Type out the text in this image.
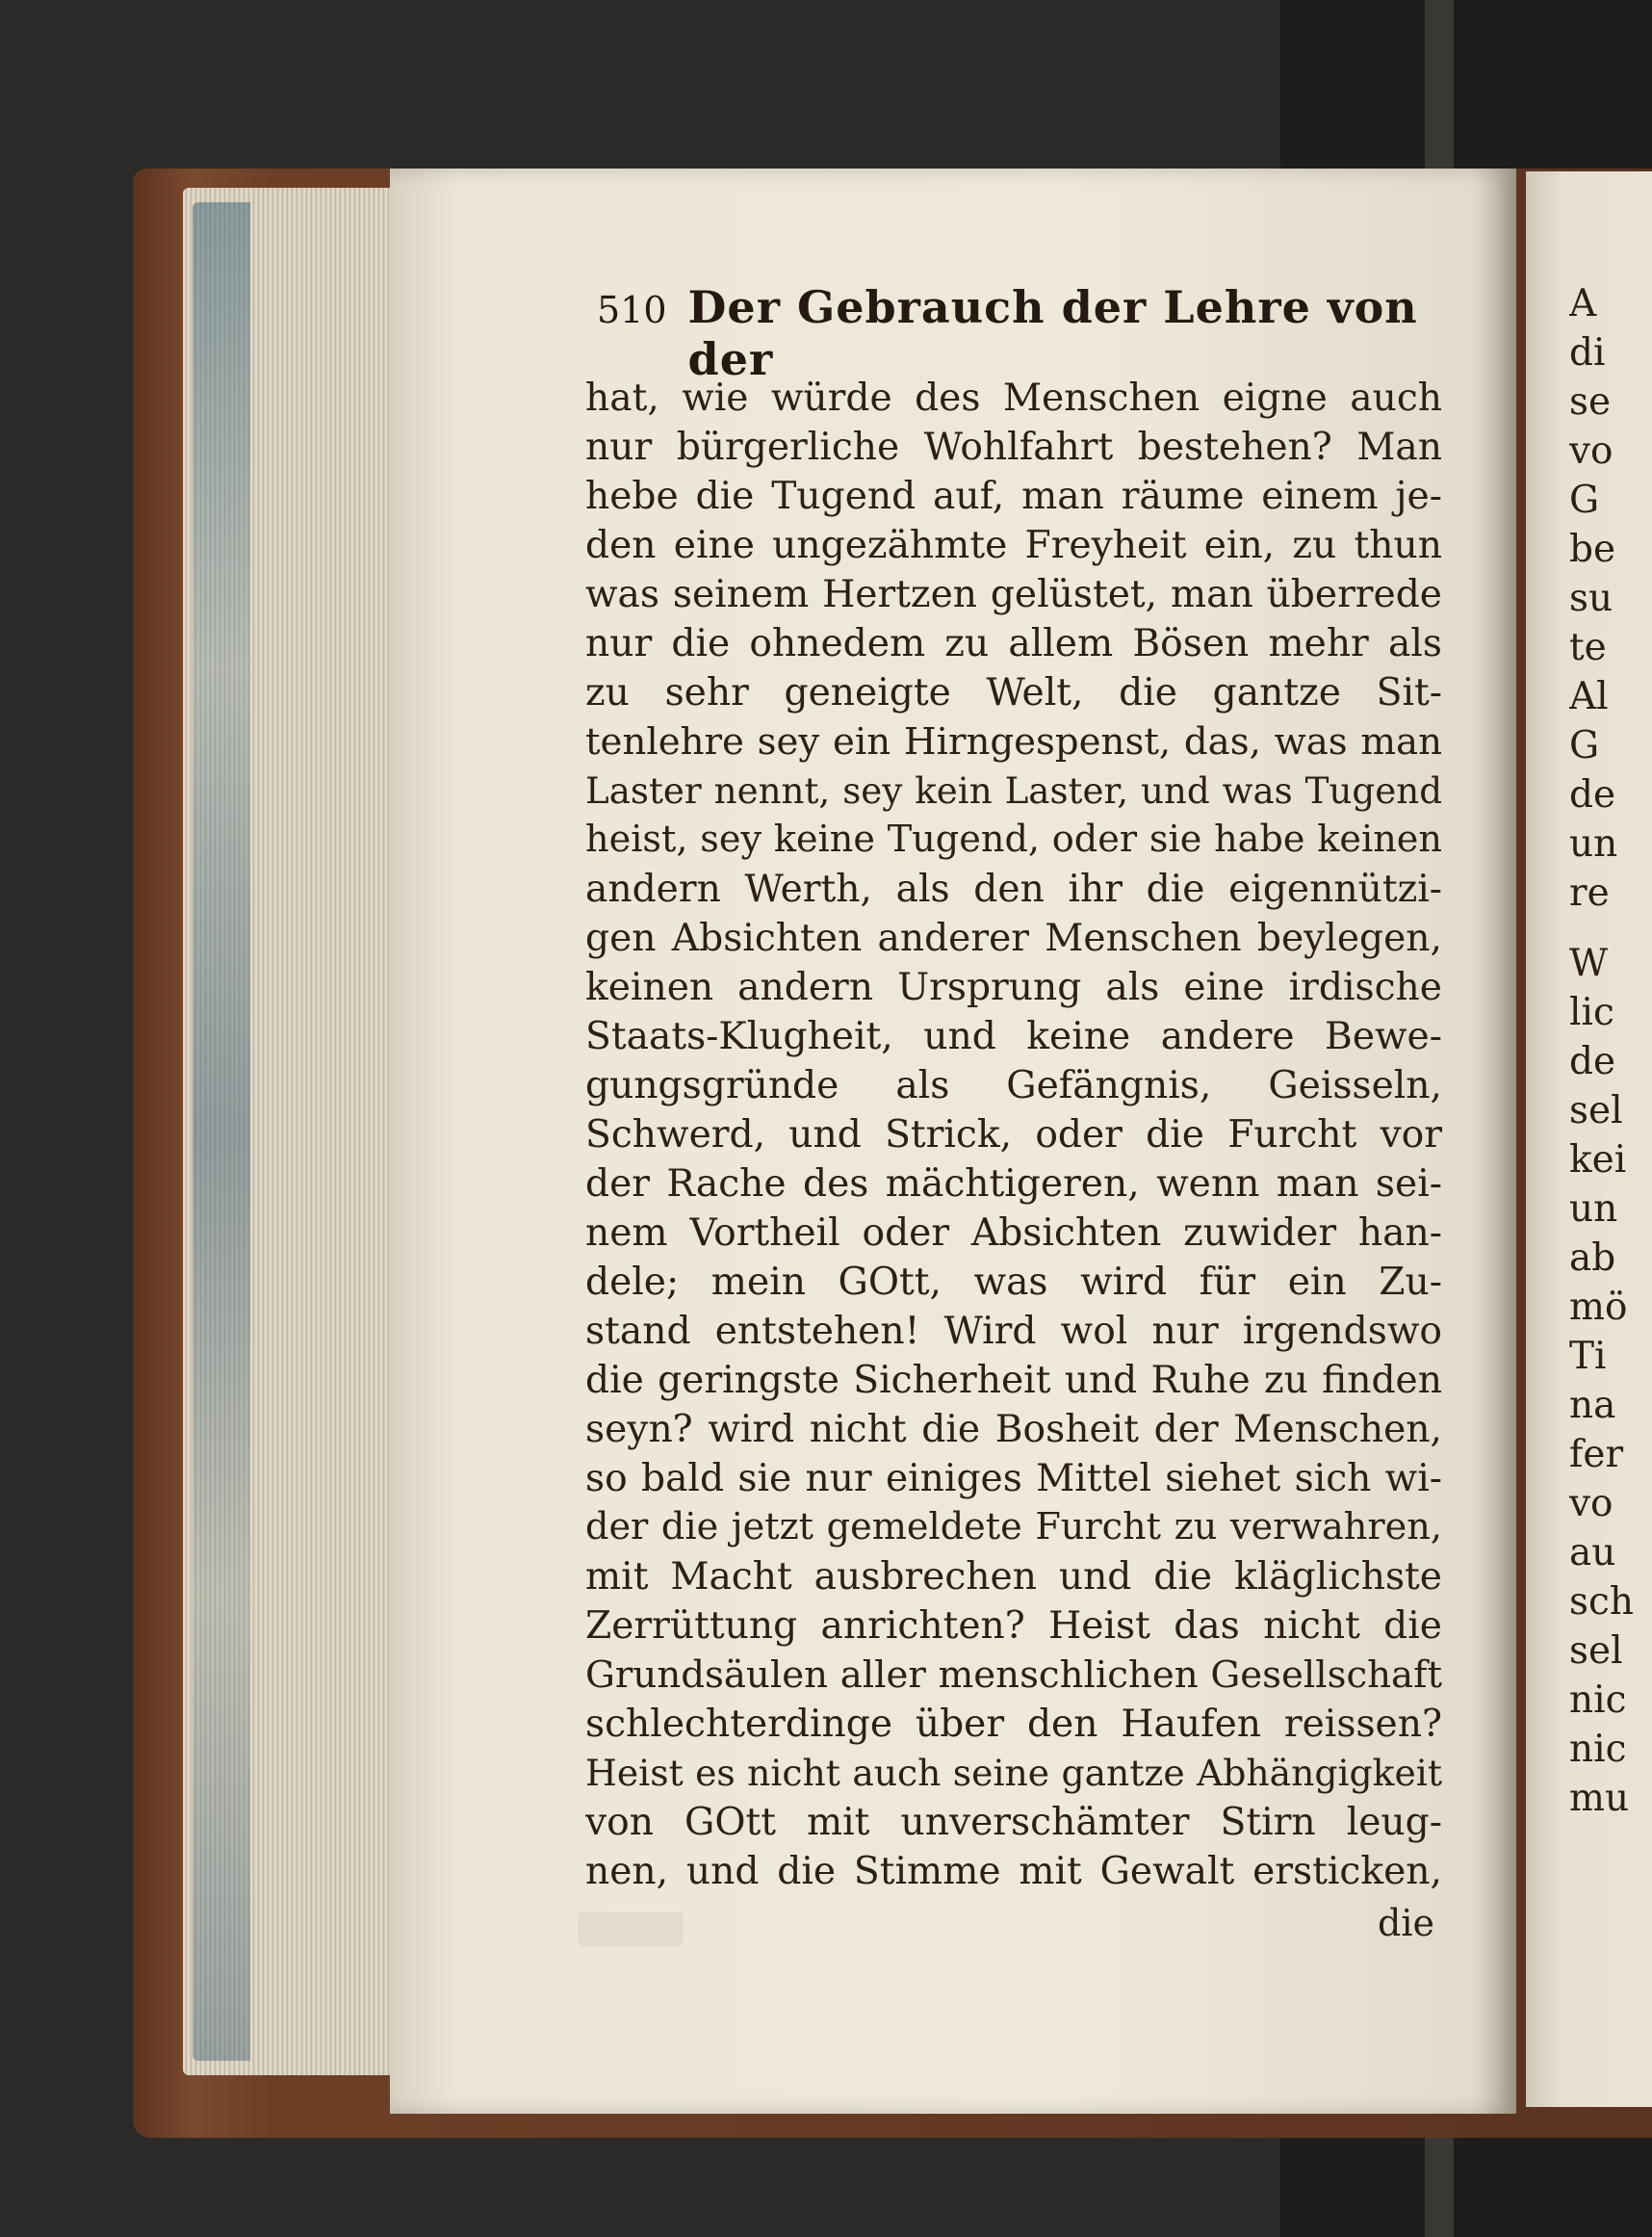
510 Der Gebrauch der Lehre von der
hat, wie würde des Menschen eigne auch
nur bürgerliche Wohlfahrt bestehen? Man
hebe die Tugend auf, man räume einem je-
den eine ungezähmte Freyheit ein, zu thun
was seinem Hertzen gelüstet, man überrede
nur die ohnedem zu allem Bösen mehr als
zu sehr geneigte Welt, die gantze Sit-
tenlehre sey ein Hirngespenst, das, was man
Laster nennt, sey kein Laster, und was Tugend
heist, sey keine Tugend, oder sie habe keinen
andern Werth, als den ihr die eigennützi-
gen Absichten anderer Menschen beylegen,
keinen andern Ursprung als eine irdische
Staats-Klugheit, und keine andere Bewe-
gungsgründe als Gefängnis, Geisseln,
Schwerd, und Strick, oder die Furcht vor
der Rache des mächtigeren, wenn man sei-
nem Vortheil oder Absichten zuwider han-
dele; mein GOtt, was wird für ein Zu-
stand entstehen! Wird wol nur irgendswo
die geringste Sicherheit und Ruhe zu finden
seyn? wird nicht die Bosheit der Menschen,
so bald sie nur einiges Mittel siehet sich wi-
der die jetzt gemeldete Furcht zu verwahren,
mit Macht ausbrechen und die kläglichste
Zerrüttung anrichten? Heist das nicht die
Grundsäulen aller menschlichen Gesellschaft
schlechterdinge über den Haufen reissen?
Heist es nicht auch seine gantze Abhängigkeit
von GOtt mit unverschämter Stirn leug-
nen, und die Stimme mit Gewalt ersticken,
die
A
di
se
vo
G
be
su
te
Al
G
de
un
re
W
lic
de
sel
kei
un
ab
mö
Ti
na
fer
vo
au
sch
sel
nic
nic
mu
